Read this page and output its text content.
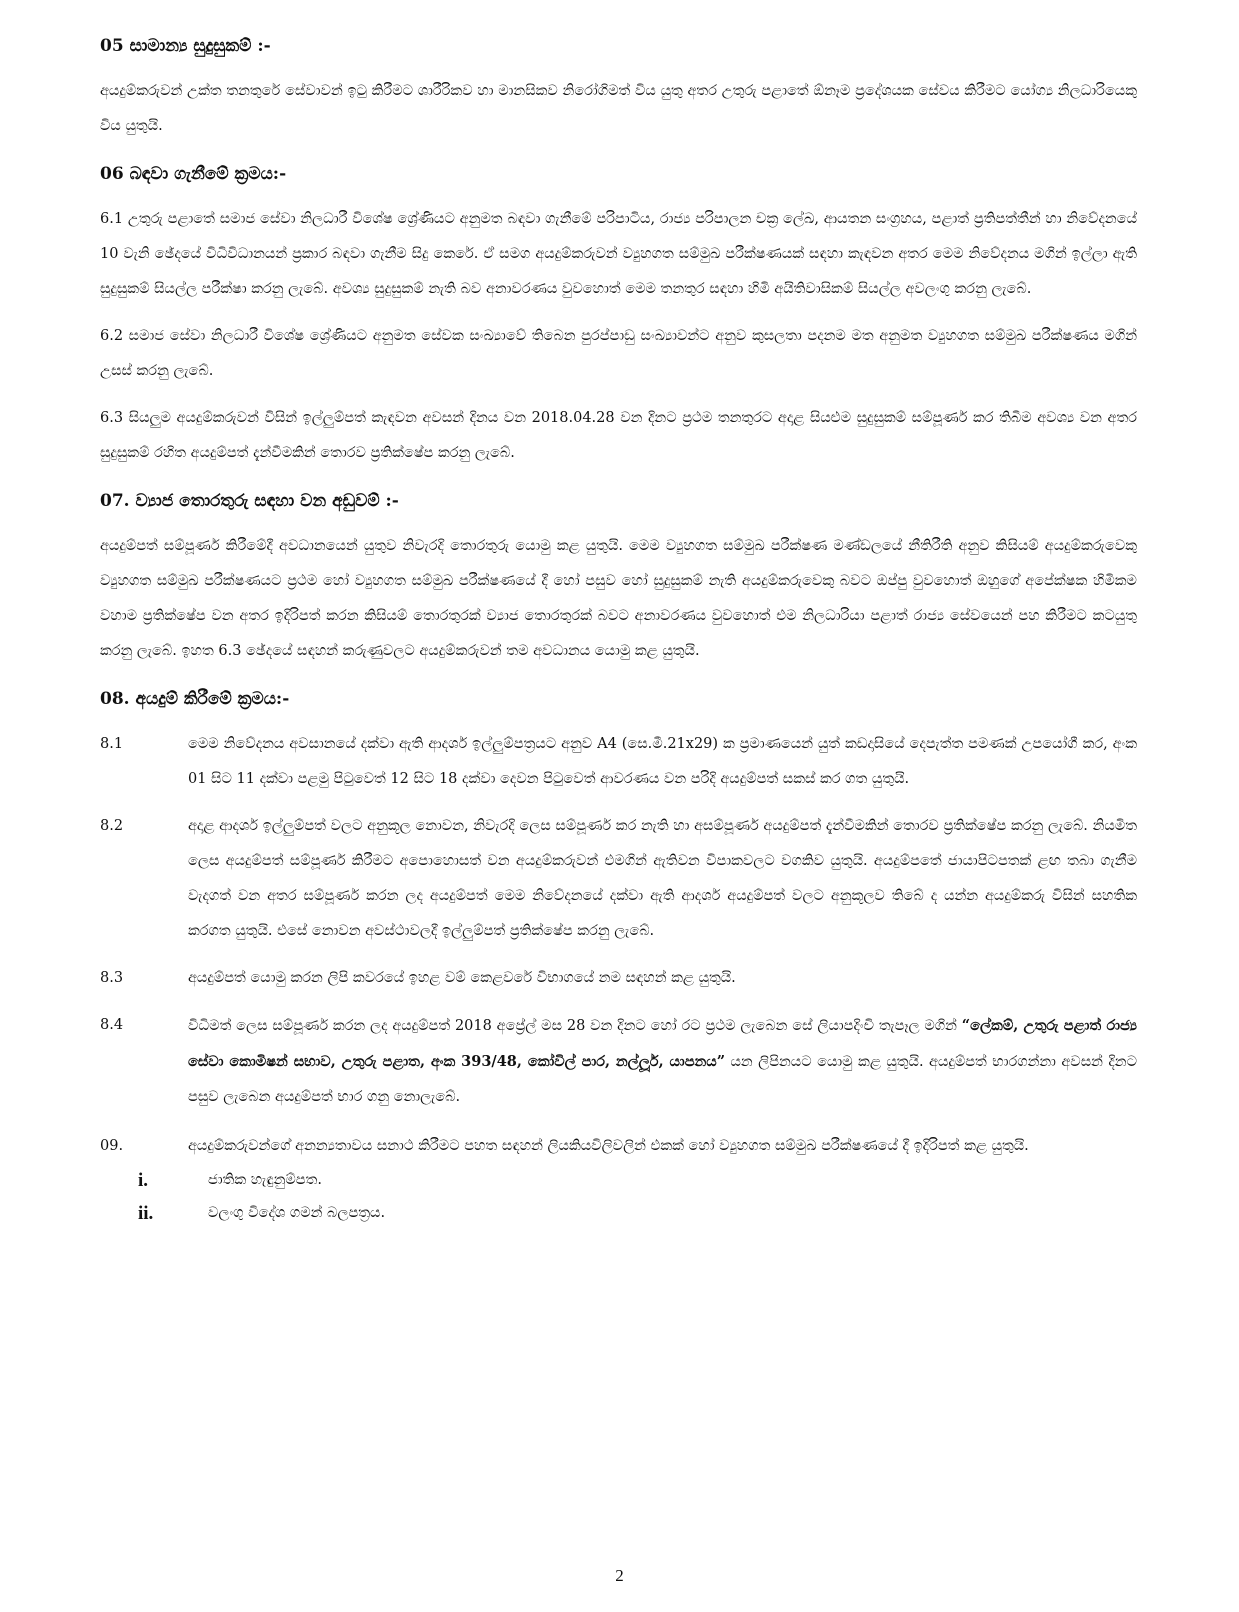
05 සාමාන්‍ය සුදුසුකම් :-

අයදුම්කරුවන් උක්ත තනතුරේ සේවාවන් ඉටු කිරීමට ශාරීරිකව හා මානසිකව නිරෝගිමත් විය යුතු අතර උතුරු පළාතේ ඕනෑම ප්‍රදේශයක සේවය කිරීමට යෝග්‍ය නිලධාරියෙකු විය යුතුයි.

06 බඳවා ගැනීමේ ක්‍රමය:-

6.1 උතුරු පළාතේ සමාජ සේවා නිලධාරී විශේෂ ශ්‍රේණියට අනුමත බඳවා ගැනීමේ පරිපාටිය, රාජ්‍ය පරිපාලන චක්‍ර ලේඛ, ආයතන සංග්‍රහය, පළාත් ප්‍රතිපත්තීන් හා නිවේදනයේ 10 වැනි ඡේදයේ විධිවිධානයන් ප්‍රකාර බඳවා ගැනීම සිදු කෙරේ. ඒ සමග අයදුම්කරුවන් ව්‍යුහගත සම්මුඛ පරීක්ෂණයක් සඳහා කැඳවන අතර මෙම නිවේදනය මගින් ඉල්ලා ඇති සුදුසුකම් සියල්ල පරීක්ෂා කරනු ලැබේ. අවශ්‍ය සුදුසුකම් නැති බව අනාවරණය වුවහොත් මෙම තනතුර සඳහා හිමි අයිතිවාසිකම් සියල්ල අවලංගු කරනු ලැබේ.

6.2 සමාජ සේවා නිලධාරී විශේෂ ශ්‍රේණියට අනුමත සේවක සංඛ්‍යාවේ තිබෙන පුරප්පාඩු සංඛ්‍යාවන්ට අනුව කුසලතා පදනම මත අනුමත ව්‍යුහගත සම්මුඛ පරීක්ෂණය මගින් උසස් කරනු ලැබේ.

6.3 සියලුම අයදුම්කරුවන් විසින් ඉල්ලුම්පත් කැඳවන අවසන් දිනය වන 2018.04.28 වන දිනට ප්‍රථම තනතුරට අදාළ සියළුම සුදුසුකම් සම්පූර්ණ කර තිබීම අවශ්‍ය වන අතර සුදුසුකම් රහිත අයදුම්පත් දැන්වීමකින් තොරව ප්‍රතික්ෂේප කරනු ලැබේ.

07. ව්‍යාජ තොරතුරු සඳහා වන අඩුවම් :-

අයදුම්පත් සම්පූර්ණ කිරීමේදී අවධානයෙන් යුතුව නිවැරදි තොරතුරු යොමු කළ යුතුයි. මෙම ව්‍යුහගත සම්මුඛ පරීක්ෂණ මණ්ඩලයේ නීතිරීති අනුව කිසියම් අයදුම්කරුවෙකු ව්‍යුහගත සම්මුඛ පරීක්ෂණයට ප්‍රථම හෝ ව්‍යුහගත සම්මුඛ පරීක්ෂණයේ දී හෝ පසුව හෝ සුදුසුකම් නැති අයදුම්කරුවෙකු බවට ඔප්පු වුවහොත් ඔහුගේ අපේක්ෂක හිමිකම වහාම ප්‍රතික්ෂේප වන අතර ඉදිරිපත් කරන කිසියම් තොරතුරක් ව්‍යාජ තොරතුරක් බවට අනාවරණය වුවහොත් එම නිලධාරියා පළාත් රාජ්‍ය සේවයෙන් පහ කිරීමට කටයුතු කරනු ලැබේ. ඉහත 6.3 ඡේදයේ සඳහන් කරුණුවලට අයදුම්කරුවන් තම අවධානය යොමු කළ යුතුයි.

08. අයදුම් කිරීමේ ක්‍රමය:-
8.1	මෙම නිවේදනය අවසානයේ දක්වා ඇති ආදර්ශ ඉල්ලුම්පත්‍රයට අනුව A4 (සෙ.මී.21x29) ක ප්‍රමාණයෙන් යුත් කඩදාසියේ දෙපැත්ත පමණක් උපයෝගී කර, අංක 01 සිට 11 දක්වා පළමු පිටුවෙත් 12 සිට 18 දක්වා දෙවන පිටුවෙත් ආවරණය වන පරිදි අයදුම්පත් සකස් කර ගත යුතුයි.

8.2	අදාළ ආදර්ශ ඉල්ලුම්පත් වලට අනුකූල නොවන, නිවැරදි ලෙස සම්පූර්ණ කර නැති හා අසම්පූර්ණ අයදුම්පත් දැන්වීමකින් තොරව ප්‍රතික්ෂේප කරනු ලැබේ. නියමිත ලෙස අයදුම්පත් සම්පූර්ණ කිරීමට අපොහොසත් වන අයදුම්කරුවන් එමගින් ඇතිවන විපාකවලට වගකිව යුතුයි. අයදුම්පතේ ජායාපිටපතක් ළඟ තබා ගැනීම වැදගත් වන අතර සම්පූර්ණ කරන ලද අයදුම්පත් මෙම නිවේදනයේ දක්වා ඇති ආදර්ශ අයදුම්පත් වලට අනුකූලව තිබේ ද යන්න අයදුම්කරු විසින් සහතික කරගත යුතුයි. එසේ නොවන අවස්ථාවලදී ඉල්ලුම්පත් ප්‍රතික්ෂේප කරනු ලැබේ.

8.3	අයදුම්පත් යොමු කරන ලිපි කවරයේ ඉහළ වම් කෙළවරේ විභාගයේ නම සඳහන් කළ යුතුයි.

8.4	විධිමත් ලෙස සම්පූර්ණ කරන ලද අයදුම්පත් 2018 අප්‍රේල් මස 28 වන දිනට හෝ රට ප්‍රථම ලැබෙන සේ ලියාපදිංචි තැපෑල මගින් “ලේකම්, උතුරු පළාත් රාජ්‍ය සේවා කොමිෂන් සභාව, උතුරු පළාත, අංක 393/48, කෝවිල් පාර, නල්ලූර්, යාපනය” යන ලිපිනයට යොමු කළ යුතුයි. අයදුම්පත් භාරගන්නා අවසන් දිනට පසුව ලැබෙන අයදුම්පත් භාර ගනු නොලැබේ.

09.	අයදුම්කරුවන්ගේ අනන්‍යතාවය සනාථ කිරීමට පහත සඳහන් ලියකියවිලිවලින් එකක් හෝ ව්‍යුහගත සම්මුඛ පරීක්ෂණයේ දී ඉදිරිපත් කළ යුතුයි.

i.	ජාතික හැඳුනුම්පත.
ii.	වලංගු විදේශ ගමන් බලපත්‍රය.
2
